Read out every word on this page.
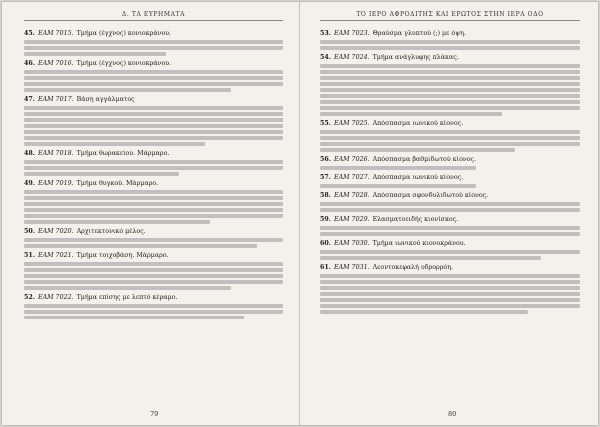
Δ. ΤΑ ΕΥΡΗΜΑΤΑ
45. ΕΑΜ 7015. Τμήμα (έγχνος) κονιοκράνου.
46. ΕΑΜ 7016. Τμήμα (έγχνος) κονιοκράνου.
47. ΕΑΜ 7017. Βάση αγγάλματος
48. ΕΑΜ 7018. Τμήμα θωρακείου. Μάρμαρο.
49. ΕΑΜ 7019. Τμήμα θυγκού. Μάρμαρο.
50. ΕΑΜ 7020. Αρχιτεκτονικό μέλος.
51. ΕΑΜ 7021. Τμήμα τοιχοβάση. Μάρμαρο.
52. ΕΑΜ 7022. Τμήμα επίσης με λεπτό κέραμο.
79
ΤΟ ΙΕΡΟ ΑΦΡΟΔΙΤΗΣ ΚΑΙ ΕΡΩΤΟΣ ΣΤΗΝ ΙΕΡΑ ΟΔΟ
53. ΕΑΜ 7023. Θραύσμα γλυπτού (;) με όψη.
54. ΕΑΜ 7024. Τμήμα ανάγλυφης πλάκας.
55. ΕΑΜ 7025. Απόσπασμα ιωνικού κίονος.
56. ΕΑΜ 7026. Απόσπασμα βαθμιδωτού κίονος.
57. ΕΑΜ 7027. Απόσπασμα ιωνικού κίονος.
58. ΕΑΜ 7028. Απόσπασμα σφονδυλιδωτού κίονος.
59. ΕΑΜ 7029. Ελασματοειδής κιονίσκος.
60. ΕΑΜ 7030. Τμήμα ιωνικού κιονοκράνου.
61. ΕΑΜ 7031. Λεοντοκεφαλή υδρορρόη.
80
